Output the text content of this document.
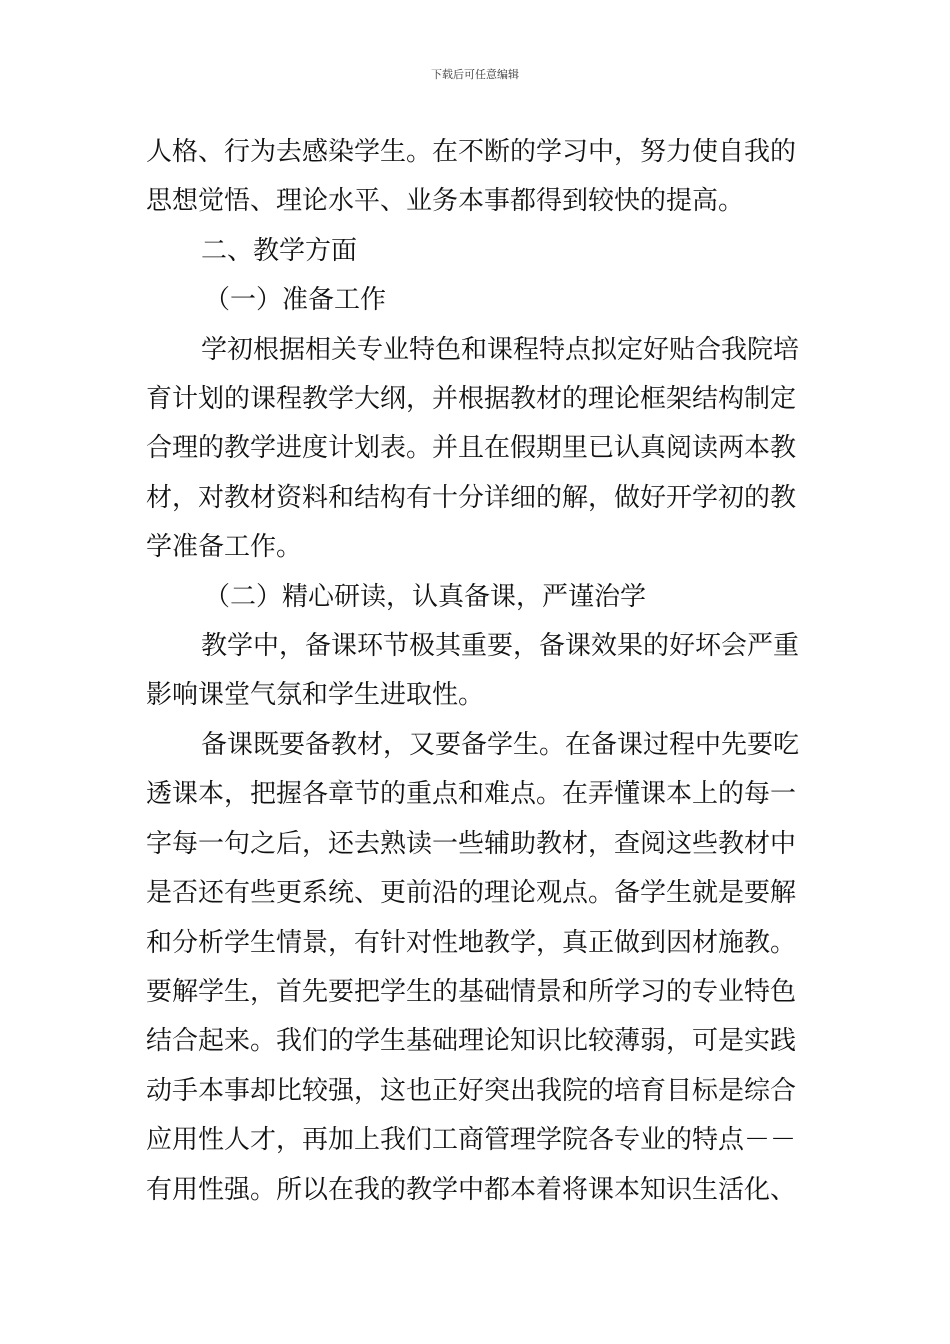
下载后可任意编辑
人格、行为去感染学生。在不断的学习中，努力使自我的
思想觉悟、理论水平、业务本事都得到较快的提高。
二、教学方面
（一）准备工作
学初根据相关专业特色和课程特点拟定好贴合我院培
育计划的课程教学大纲，并根据教材的理论框架结构制定
合理的教学进度计划表。并且在假期里已认真阅读两本教
材，对教材资料和结构有十分详细的解，做好开学初的教
学准备工作。
（二）精心研读，认真备课，严谨治学
教学中，备课环节极其重要，备课效果的好坏会严重
影响课堂气氛和学生进取性。
备课既要备教材，又要备学生。在备课过程中先要吃
透课本，把握各章节的重点和难点。在弄懂课本上的每一
字每一句之后，还去熟读一些辅助教材，查阅这些教材中
是否还有些更系统、更前沿的理论观点。备学生就是要解
和分析学生情景，有针对性地教学，真正做到因材施教。
要解学生，首先要把学生的基础情景和所学习的专业特色
结合起来。我们的学生基础理论知识比较薄弱，可是实践
动手本事却比较强，这也正好突出我院的培育目标是综合
应用性人才，再加上我们工商管理学院各专业的特点－－
有用性强。所以在我的教学中都本着将课本知识生活化、
